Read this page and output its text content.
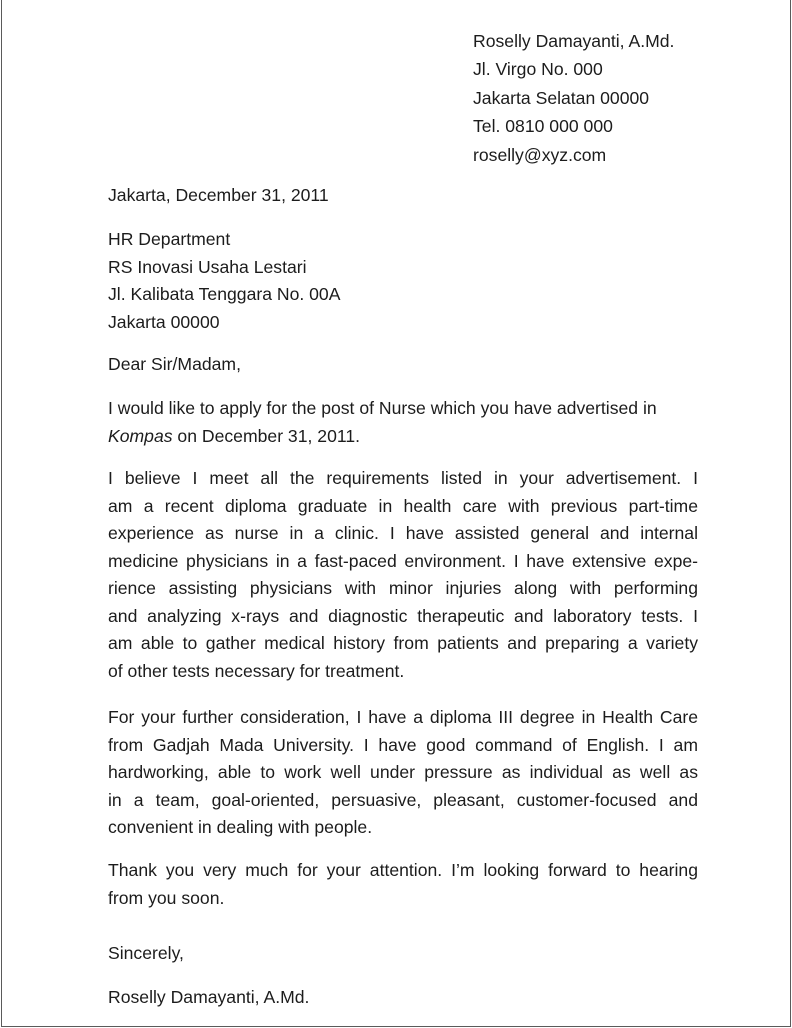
Roselly Damayanti, A.Md.
Jl. Virgo No. 000
Jakarta Selatan 00000
Tel. 0810 000 000
roselly@xyz.com
Jakarta, December 31, 2011
HR Department
RS Inovasi Usaha Lestari
Jl. Kalibata Tenggara No. 00A
Jakarta 00000
Dear Sir/Madam,
I would like to apply for the post of Nurse which you have advertised in
Kompas on December 31, 2011.
I believe I meet all the requirements listed in your advertisement. I
am a recent diploma graduate in health care with previous part-time
experience as nurse in a clinic. I have assisted general and internal
medicine physicians in a fast-paced environment. I have extensive expe-
rience assisting physicians with minor injuries along with performing
and analyzing x-rays and diagnostic therapeutic and laboratory tests. I
am able to gather medical history from patients and preparing a variety
of other tests necessary for treatment.
For your further consideration, I have a diploma III degree in Health Care
from Gadjah Mada University. I have good command of English. I am
hardworking, able to work well under pressure as individual as well as
in a team, goal-oriented, persuasive, pleasant, customer-focused and
convenient in dealing with people.
Thank you very much for your attention. I’m looking forward to hearing
from you soon.
Sincerely,
Roselly Damayanti, A.Md.
